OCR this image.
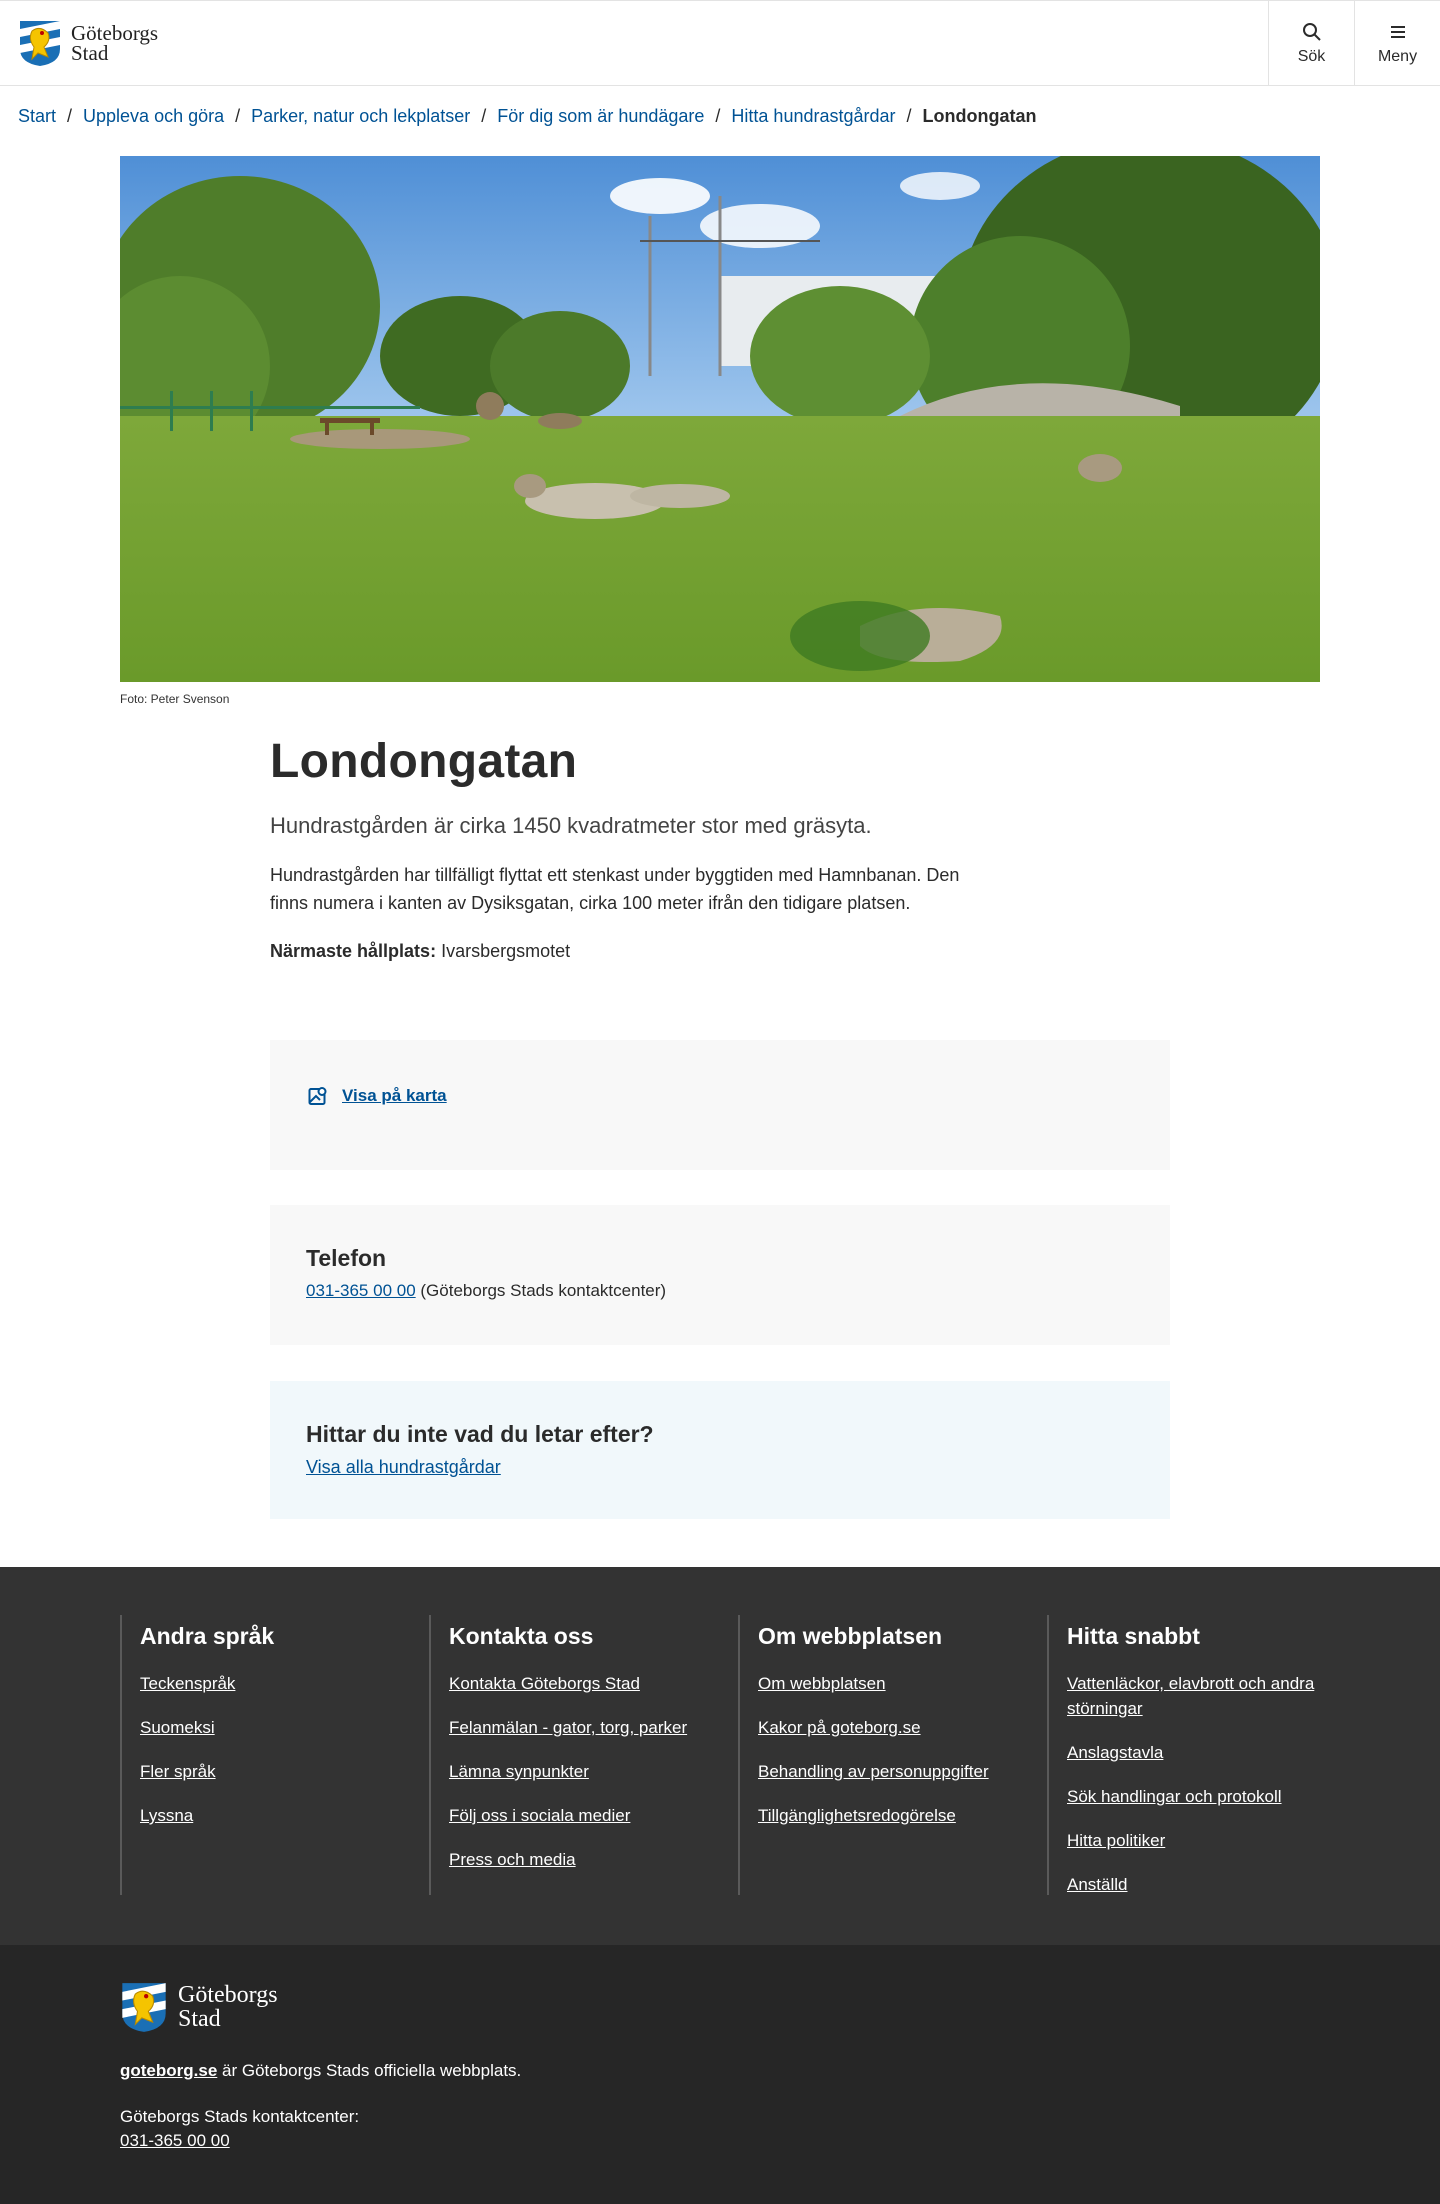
Göteborgs
Stad	Sök	Meny
Start / Uppleva och göra / Parker, natur och lekplatser / För dig som är hundägare / Hitta hundrastgårdar / Londongatan
Foto: Peter Svenson
Londongatan

Hundrastgården är cirka 1450 kvadratmeter stor med gräsyta.

Hundrastgården har tillfälligt flyttat ett stenkast under byggtiden med Hamnbanan. Den finns numera i kanten av Dysiksgatan, cirka 100 meter ifrån den tidigare platsen.

Närmaste hållplats: Ivarsbergsmotet

Visa på karta
Telefon
031-365 00 00 (Göteborgs Stads kontaktcenter)
Hittar du inte vad du letar efter?
Visa alla hundrastgårdar
Andra språk
Teckenspråk
Suomeksi
Fler språk
Lyssna
Kontakta oss
Kontakta Göteborgs Stad
Felanmälan - gator, torg, parker
Lämna synpunkter
Följ oss i sociala medier
Press och media
Om webbplatsen
Om webbplatsen
Kakor på goteborg.se
Behandling av personuppgifter
Tillgänglighetsredogörelse
Hitta snabbt
Vattenläckor, elavbrott och andra störningar
Anslagstavla
Sök handlingar och protokoll
Hitta politiker
Anställd
Göteborgs
Stad
goteborg.se är Göteborgs Stads officiella webbplats.
Göteborgs Stads kontaktcenter:
031-365 00 00
